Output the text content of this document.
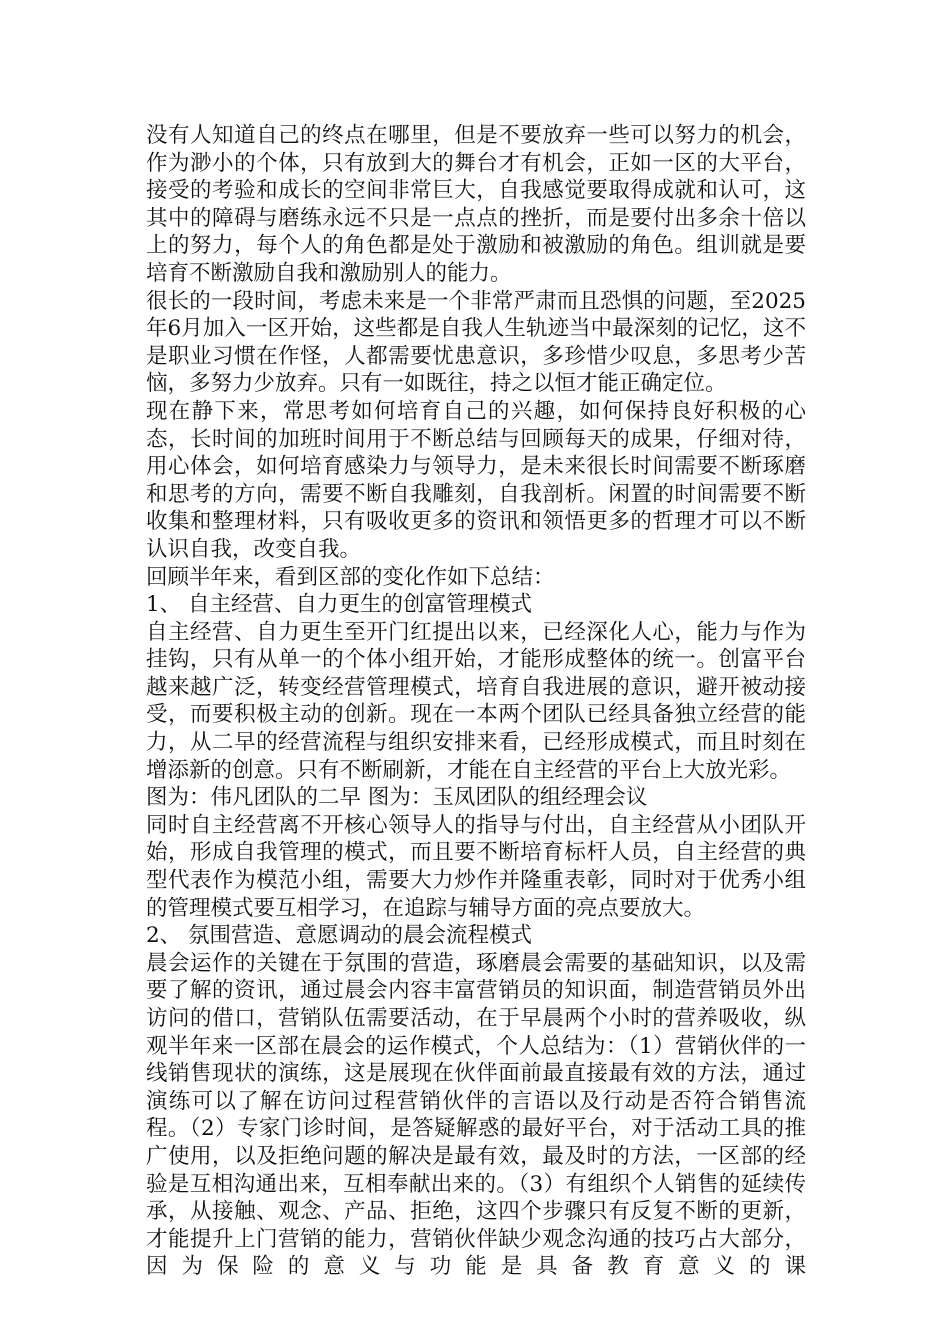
没有人知道自己的终点在哪里，但是不要放弃一些可以努力的机会，作为渺小的个体，只有放到大的舞台才有机会，正如一区的大平台，接受的考验和成长的空间非常巨大，自我感觉要取得成就和认可，这其中的障碍与磨练永远不只是一点点的挫折，而是要付出多余十倍以上的努力，每个人的角色都是处于激励和被激励的角色。组训就是要培育不断激励自我和激励别人的能力。

很长的一段时间，考虑未来是一个非常严肃而且恐惧的问题，至2025年6月加入一区开始，这些都是自我人生轨迹当中最深刻的记忆，这不是职业习惯在作怪，人都需要忧患意识，多珍惜少叹息，多思考少苦恼，多努力少放弃。只有一如既往，持之以恒才能正确定位。

现在静下来，常思考如何培育自己的兴趣，如何保持良好积极的心态，长时间的加班时间用于不断总结与回顾每天的成果，仔细对待，用心体会，如何培育感染力与领导力，是未来很长时间需要不断琢磨和思考的方向，需要不断自我雕刻，自我剖析。闲置的时间需要不断收集和整理材料，只有吸收更多的资讯和领悟更多的哲理才可以不断认识自我，改变自我。

回顾半年来，看到区部的变化作如下总结：

1、 自主经营、自力更生的创富管理模式

自主经营、自力更生至开门红提出以来，已经深化人心，能力与作为挂钩，只有从单一的个体小组开始，才能形成整体的统一。创富平台越来越广泛，转变经营管理模式，培育自我进展的意识，避开被动接受，而要积极主动的创新。现在一本两个团队已经具备独立经营的能力，从二早的经营流程与组织安排来看，已经形成模式，而且时刻在增添新的创意。只有不断刷新，才能在自主经营的平台上大放光彩。

图为：伟凡团队的二早 图为：玉凤团队的组经理会议

同时自主经营离不开核心领导人的指导与付出，自主经营从小团队开始，形成自我管理的模式，而且要不断培育标杆人员，自主经营的典型代表作为模范小组，需要大力炒作并隆重表彰，同时对于优秀小组的管理模式要互相学习，在追踪与辅导方面的亮点要放大。

2、 氛围营造、意愿调动的晨会流程模式

晨会运作的关键在于氛围的营造，琢磨晨会需要的基础知识，以及需要了解的资讯，通过晨会内容丰富营销员的知识面，制造营销员外出访问的借口，营销队伍需要活动，在于早晨两个小时的营养吸收，纵观半年来一区部在晨会的运作模式，个人总结为：（1）营销伙伴的一线销售现状的演练，这是展现在伙伴面前最直接最有效的方法，通过演练可以了解在访问过程营销伙伴的言语以及行动是否符合销售流程。（2）专家门诊时间，是答疑解惑的最好平台，对于活动工具的推广使用，以及拒绝问题的解决是最有效，最及时的方法，一区部的经验是互相沟通出来，互相奉献出来的。（3）有组织个人销售的延续传承，从接触、观念、产品、拒绝，这四个步骤只有反复不断的更新，才能提升上门营销的能力，营销伙伴缺少观念沟通的技巧占大部分，因为保险的意义与功能是具备教育意义的课
